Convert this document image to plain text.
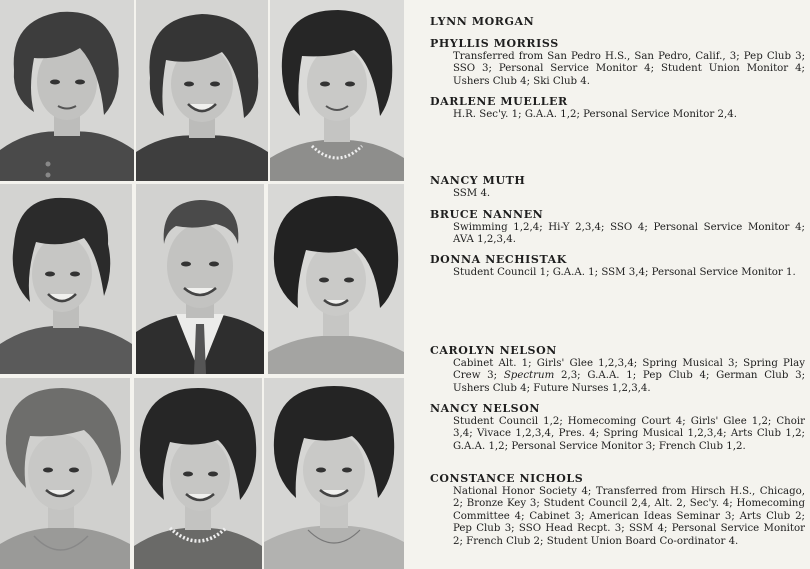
LYNN MORGAN
PHYLLIS MORRISS
Transferred from San Pedro H.S., San Pedro, Calif., 3; Pep Club 3; SSO 3; Personal Service Monitor 4; Student Union Monitor 4; Ushers Club 4; Ski Club 4.
DARLENE MUELLER
H.R. Sec'y. 1; G.A.A. 1,2; Personal Service Monitor 2,4.
NANCY MUTH
SSM 4.
BRUCE NANNEN
Swimming 1,2,4; Hi-Y 2,3,4; SSO 4; Personal Service Monitor 4; AVA 1,2,3,4.
DONNA NECHISTAK
Student Council 1; G.A.A. 1; SSM 3,4; Personal Service Monitor 1.
CAROLYN NELSON
Cabinet Alt. 1; Girls' Glee 1,2,3,4; Spring Musical 3; Spring Play Crew 3; Spectrum 2,3; G.A.A. 1; Pep Club 4; German Club 3; Ushers Club 4; Future Nurses 1,2,3,4.
NANCY NELSON
Student Council 1,2; Homecoming Court 4; Girls' Glee 1,2; Choir 3,4; Vivace 1,2,3,4, Pres. 4; Spring Musical 1,2,3,4; Arts Club 1,2; G.A.A. 1,2; Personal Service Monitor 3; French Club 1,2.
CONSTANCE NICHOLS
National Honor Society 4; Transferred from Hirsch H.S., Chicago, 2; Bronze Key 3; Student Council 2,4, Alt. 2, Sec'y. 4; Homecoming Committee 4; Cabinet 3; American Ideas Seminar 3; Arts Club 2; Pep Club 3; SSO Head Recpt. 3; SSM 4; Personal Service Monitor 2; French Club 2; Student Union Board Co-ordinator 4.
